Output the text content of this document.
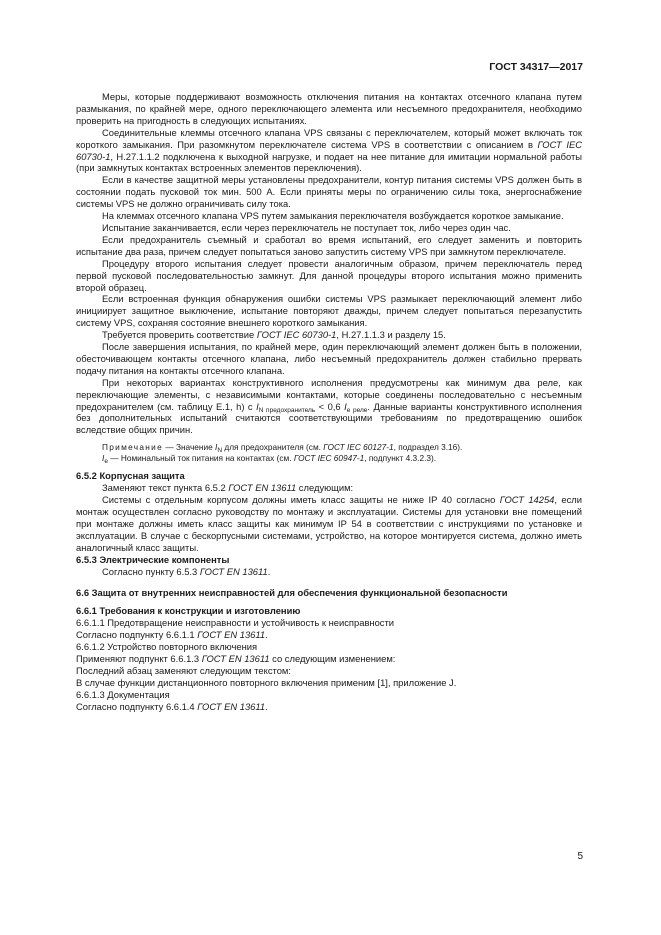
ГОСТ 34317—2017

Меры, которые поддерживают возможность отключения питания на контактах отсечного клапана путем размыкания, по крайней мере, одного переключающего элемента или несъемного предохранителя, необходимо проверить на пригодность в следующих испытаниях.

Соединительные клеммы отсечного клапана VPS связаны с переключателем, который может включать ток короткого замыкания. При разомкнутом переключателе система VPS в соответствии с описанием в ГОСТ IEC 60730-1, H.27.1.1.2 подключена к выходной нагрузке, и подает на нее питание для имитации нормальной работы (при замкнутых контактах встроенных элементов переключения).

Если в качестве защитной меры установлены предохранители, контур питания системы VPS должен быть в состоянии подать пусковой ток мин. 500 А. Если приняты меры по ограничению силы тока, энергоснабжение системы VPS не должно ограничивать силу тока.

На клеммах отсечного клапана VPS путем замыкания переключателя возбуждается короткое замыкание.

Испытание заканчивается, если через переключатель не поступает ток, либо через один час.

Если предохранитель съемный и сработал во время испытаний, его следует заменить и повторить испытание два раза, причем следует попытаться заново запустить систему VPS при замкнутом переключателе.

Процедуру второго испытания следует провести аналогичным образом, причем переключатель перед первой пусковой последовательностью замкнут. Для данной процедуры второго испытания можно применить второй образец.

Если встроенная функция обнаружения ошибки системы VPS размыкает переключающий элемент либо инициирует защитное выключение, испытание повторяют дважды, причем следует попытаться перезапустить систему VPS, сохраняя состояние внешнего короткого замыкания.

Требуется проверить соответствие ГОСТ IEC 60730-1, H.27.1.1.3 и разделу 15.

После завершения испытания, по крайней мере, один переключающий элемент должен быть в положении, обесточивающем контакты отсечного клапана, либо несъемный предохранитель должен стабильно прервать подачу питания на контакты отсечного клапана.

При некоторых вариантах конструктивного исполнения предусмотрены как минимум два реле, как переключающие элементы, с независимыми контактами, которые соединены последовательно с несъемным предохранителем (см. таблицу E.1, h) с $I_{N предохранитель} < 0,6$ $I_{e реле}$. Данные варианты конструктивного исполнения без дополнительных испытаний считаются соответствующими требованиям по предотвращению ошибок вследствие общих причин.

Примечание — Значение $I_N$ для предохранителя (см. ГОСТ IEC 60127-1, подраздел 3.16).

$I_e$ — Номинальный ток питания на контактах (см. ГОСТ IEC 60947-1, подпункт 4.3.2.3).

6.5.2 Корпусная защита

Заменяют текст пункта 6.5.2 ГОСТ EN 13611 следующим:

Системы с отдельным корпусом должны иметь класс защиты не ниже IP 40 согласно ГОСТ 14254, если монтаж осуществлен согласно руководству по монтажу и эксплуатации. Системы для установки вне помещений при монтаже должны иметь класс защиты как минимум IP 54 в соответствии с инструкциями по установке и эксплуатации. В случае с бескорпусными системами, устройство, на которое монтируется система, должно иметь аналогичный класс защиты.

6.5.3 Электрические компоненты

Согласно пункту 6.5.3 ГОСТ EN 13611.

6.6 Защита от внутренних неисправностей для обеспечения функциональной безопасности

6.6.1 Требования к конструкции и изготовлению

6.6.1.1 Предотвращение неисправности и устойчивость к неисправности

Согласно подпункту 6.6.1.1 ГОСТ EN 13611.

6.6.1.2 Устройство повторного включения

Применяют подпункт 6.6.1.3 ГОСТ EN 13611 со следующим изменением:

Последний абзац заменяют следующим текстом:

В случае функции дистанционного повторного включения применим [1], приложение J.

6.6.1.3 Документация

Согласно подпункту 6.6.1.4 ГОСТ EN 13611.

5
